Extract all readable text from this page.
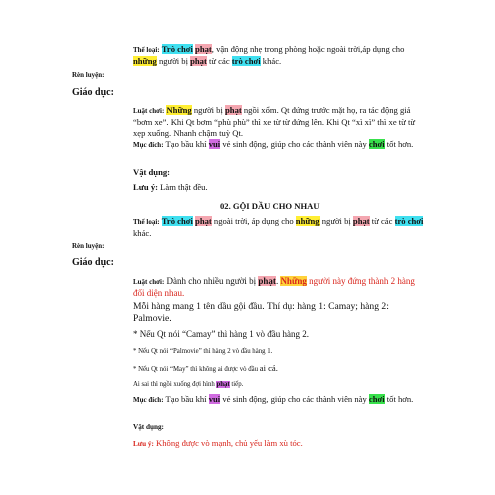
Thể loại: Trò chơi phạt, vận động nhẹ trong phòng hoặc ngoài trời,áp dụng cho những người bị phạt từ các trò chơi khác.
Rèn luyện:
Giáo dục:
Luật chơi: Những người bị phạt ngồi xổm. Qt đứng trước mặt họ, ra tác động giả “bơm xe”. Khi Qt bơm “phù phù” thì xe từ từ đứng lên. Khi Qt “xì xì” thì xe từ từ xẹp xuống. Nhanh chậm tuỳ Qt.
Mục đích: Tạo bầu khí vui vẻ sinh động, giúp cho các thành viên này chơi tốt hơn.
Vật dụng:
Lưu ý: Làm thật đều.
02. GỘI DẦU CHO NHAU
Thể loại: Trò chơi phạt ngoài trời, áp dụng cho những người bị phạt từ các trò chơi khác.
Rèn luyện:
Giáo dục:
Luật chơi: Dành cho nhiều người bị phạt. Những người này đứng thành 2 hàng đối diện nhau.
Mỗi hàng mang 1 tên dầu gội đầu. Thí dụ: hàng 1: Camay; hàng 2: Palmovie.
* Nếu Qt nói “Camay” thì hàng 1 vò đầu hàng 2.
* Nếu Qt nói “Palmovie” thì hàng 2 vò đầu hàng 1.
* Nếu Qt nói “May” thì không ai được vò đầu ai cả.
Ai sai thì ngồi xuống đợi hình phạt tiếp.
Mục đích: Tạo bầu khí vui vẻ sinh động, giúp cho các thành viên này chơi tốt hơn.
Vật dụng:
Lưu ý: Không được vò mạnh, chủ yếu làm xù tóc.
